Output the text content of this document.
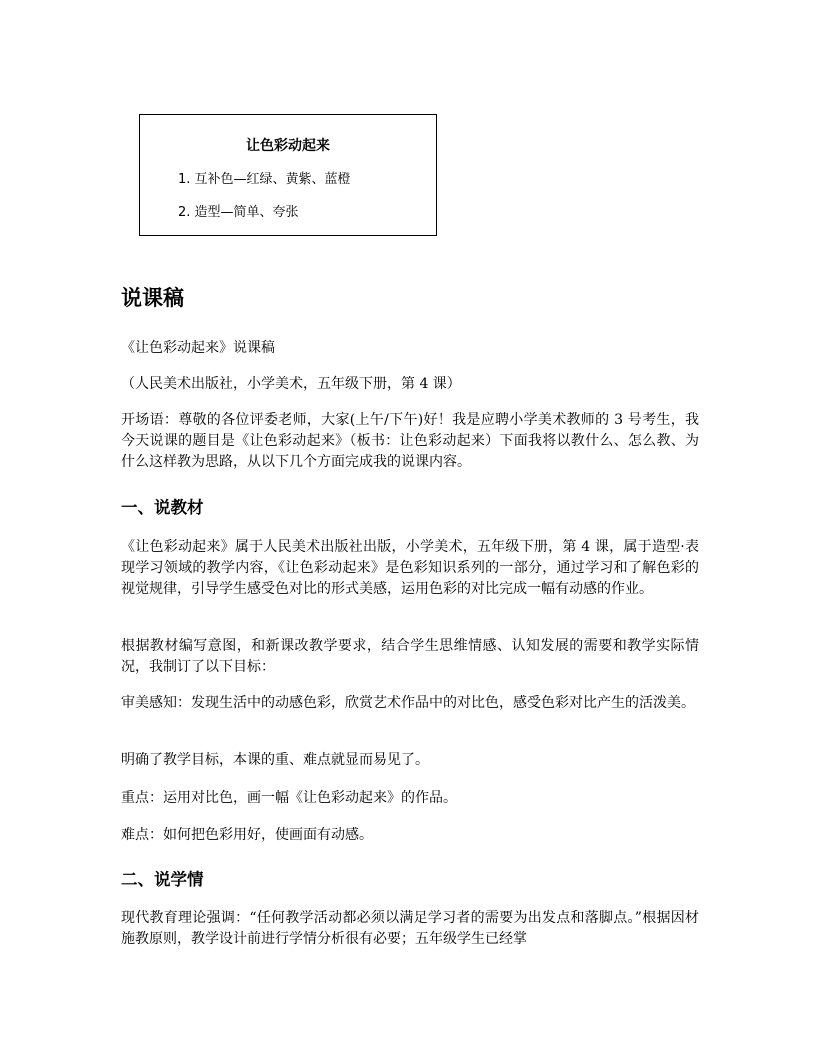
让色彩动起来
1. 互补色—红绿、黄紫、蓝橙
2. 造型—简单、夸张
说课稿

《让色彩动起来》说课稿

（人民美术出版社，小学美术，五年级下册，第 4 课）

开场语：尊敬的各位评委老师，大家(上午/下午)好！我是应聘小学美术教师的 3 号考生，我今天说课的题目是《让色彩动起来》（板书：让色彩动起来）下面我将以教什么、怎么教、为什么这样教为思路，从以下几个方面完成我的说课内容。

一、说教材

《让色彩动起来》属于人民美术出版社出版，小学美术，五年级下册，第 4 课，属于造型·表现学习领域的教学内容，《让色彩动起来》是色彩知识系列的一部分，通过学习和了解色彩的视觉规律，引导学生感受色对比的形式美感，运用色彩的对比完成一幅有动感的作业。

根据教材编写意图，和新课改教学要求，结合学生思维情感、认知发展的需要和教学实际情况，我制订了以下目标：

审美感知：发现生活中的动感色彩，欣赏艺术作品中的对比色，感受色彩对比产生的活泼美。

明确了教学目标，本课的重、难点就显而易见了。

重点：运用对比色，画一幅《让色彩动起来》的作品。

难点：如何把色彩用好，使画面有动感。

二、说学情

现代教育理论强调：“任何教学活动都必须以满足学习者的需要为出发点和落脚点。”根据因材施教原则，教学设计前进行学情分析很有必要；五年级学生已经掌
